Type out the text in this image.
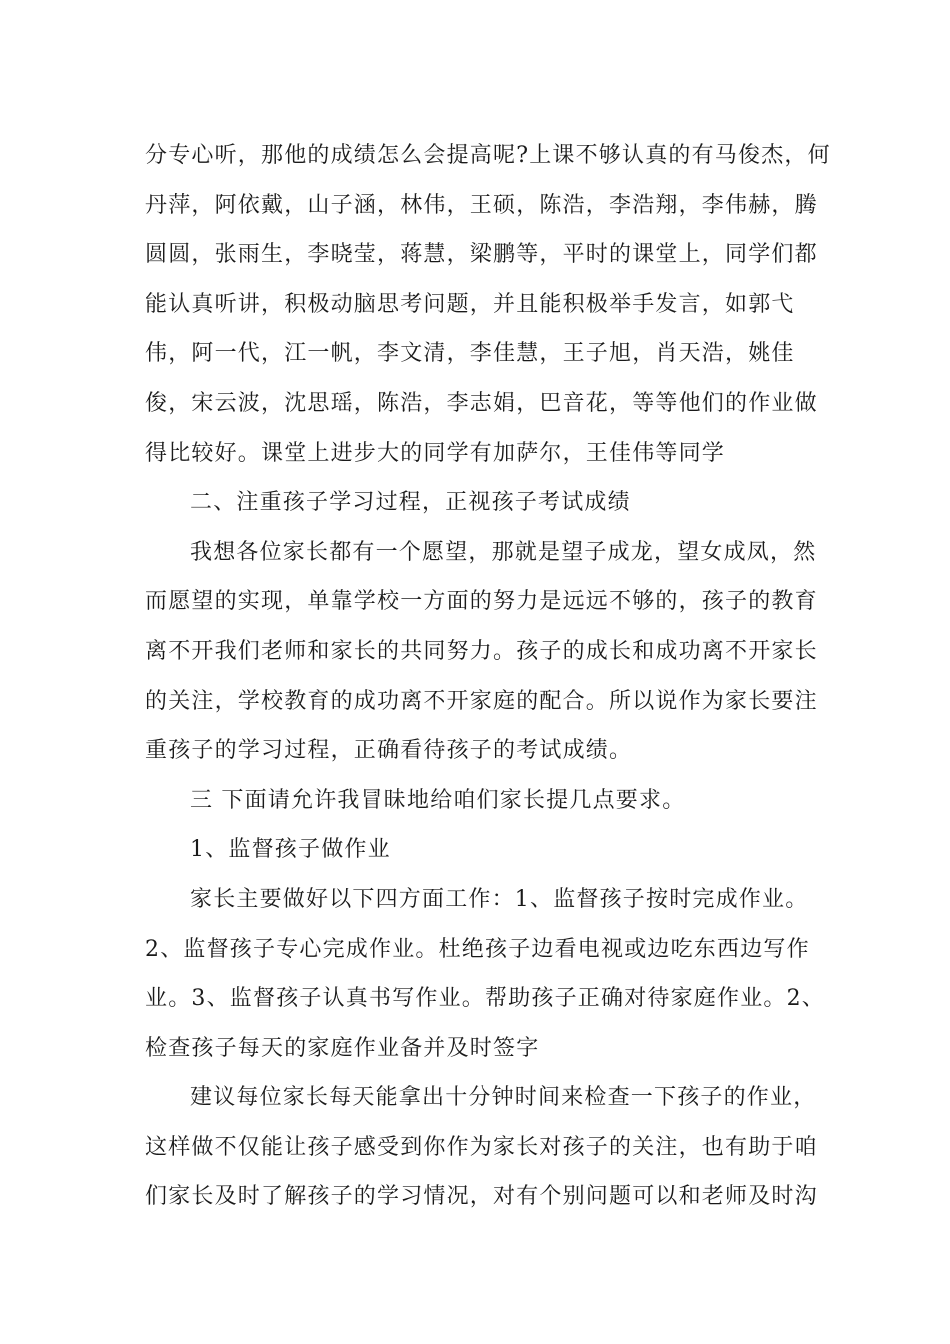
分专心听，那他的成绩怎么会提高呢?上课不够认真的有马俊杰，何
丹萍，阿依戴，山子涵，林伟，王硕，陈浩，李浩翔，李伟赫，腾
圆圆，张雨生，李晓莹，蒋慧，梁鹏等，平时的课堂上，同学们都
能认真听讲，积极动脑思考问题，并且能积极举手发言，如郭弋
伟，阿一代，江一帆，李文清，李佳慧，王子旭，肖天浩，姚佳
俊，宋云波，沈思瑶，陈浩，李志娟，巴音花，等等他们的作业做
得比较好。课堂上进步大的同学有加萨尔，王佳伟等同学

二、注重孩子学习过程，正视孩子考试成绩

我想各位家长都有一个愿望，那就是望子成龙，望女成凤，然
而愿望的实现，单靠学校一方面的努力是远远不够的，孩子的教育
离不开我们老师和家长的共同努力。孩子的成长和成功离不开家长
的关注，学校教育的成功离不开家庭的配合。所以说作为家长要注
重孩子的学习过程，正确看待孩子的考试成绩。

三 下面请允许我冒昧地给咱们家长提几点要求。

1、监督孩子做作业

家长主要做好以下四方面工作：1、监督孩子按时完成作业。
2、监督孩子专心完成作业。杜绝孩子边看电视或边吃东西边写作
业。3、监督孩子认真书写作业。帮助孩子正确对待家庭作业。2、
检查孩子每天的家庭作业备并及时签字

建议每位家长每天能拿出十分钟时间来检查一下孩子的作业，
这样做不仅能让孩子感受到你作为家长对孩子的关注，也有助于咱
们家长及时了解孩子的学习情况，对有个别问题可以和老师及时沟
